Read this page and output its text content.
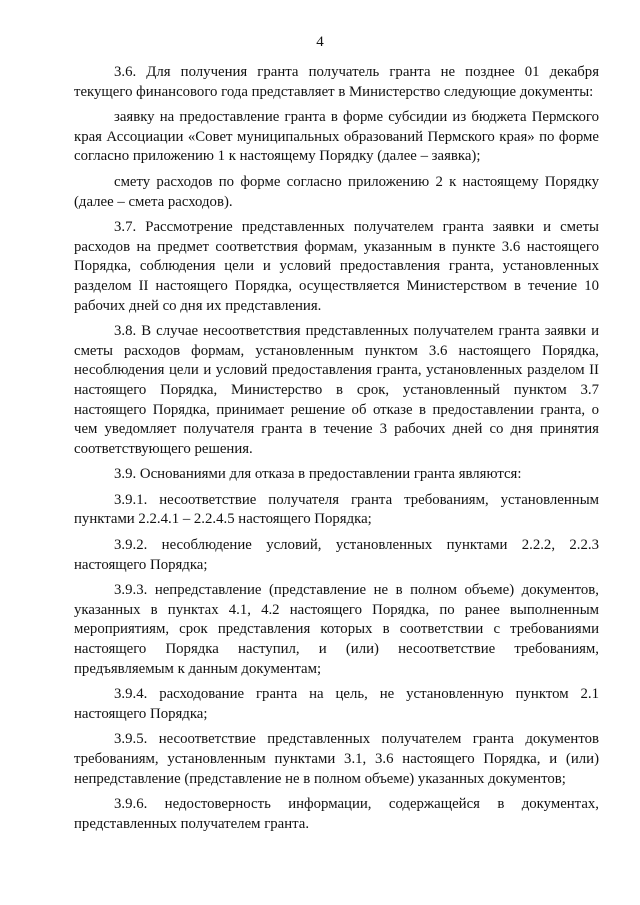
4

3.6. Для получения гранта получатель гранта не позднее 01 декабря текущего финансового года представляет в Министерство следующие документы:

заявку на предоставление гранта в форме субсидии из бюджета Пермского края Ассоциации «Совет муниципальных образований Пермского края» по форме согласно приложению 1 к настоящему Порядку (далее – заявка);

смету расходов по форме согласно приложению 2 к настоящему Порядку (далее – смета расходов).

3.7. Рассмотрение представленных получателем гранта заявки и сметы расходов на предмет соответствия формам, указанным в пункте 3.6 настоящего Порядка, соблюдения цели и условий предоставления гранта, установленных разделом II настоящего Порядка, осуществляется Министерством в течение 10 рабочих дней со дня их представления.

3.8. В случае несоответствия представленных получателем гранта заявки и сметы расходов формам, установленным пунктом 3.6 настоящего Порядка, несоблюдения цели и условий предоставления гранта, установленных разделом II настоящего Порядка, Министерство в срок, установленный пунктом 3.7 настоящего Порядка, принимает решение об отказе в предоставлении гранта, о чем уведомляет получателя гранта в течение 3 рабочих дней со дня принятия соответствующего решения.

3.9. Основаниями для отказа в предоставлении гранта являются:

3.9.1. несоответствие получателя гранта требованиям, установленным пунктами 2.2.4.1 – 2.2.4.5 настоящего Порядка;

3.9.2. несоблюдение условий, установленных пунктами 2.2.2, 2.2.3 настоящего Порядка;

3.9.3. непредставление (представление не в полном объеме) документов, указанных в пунктах 4.1, 4.2 настоящего Порядка, по ранее выполненным мероприятиям, срок представления которых в соответствии с требованиями настоящего Порядка наступил, и (или) несоответствие требованиям, предъявляемым к данным документам;

3.9.4. расходование гранта на цель, не установленную пунктом 2.1 настоящего Порядка;

3.9.5. несоответствие представленных получателем гранта документов требованиям, установленным пунктами 3.1, 3.6 настоящего Порядка, и (или) непредставление (представление не в полном объеме) указанных документов;

3.9.6. недостоверность информации, содержащейся в документах, представленных получателем гранта.
